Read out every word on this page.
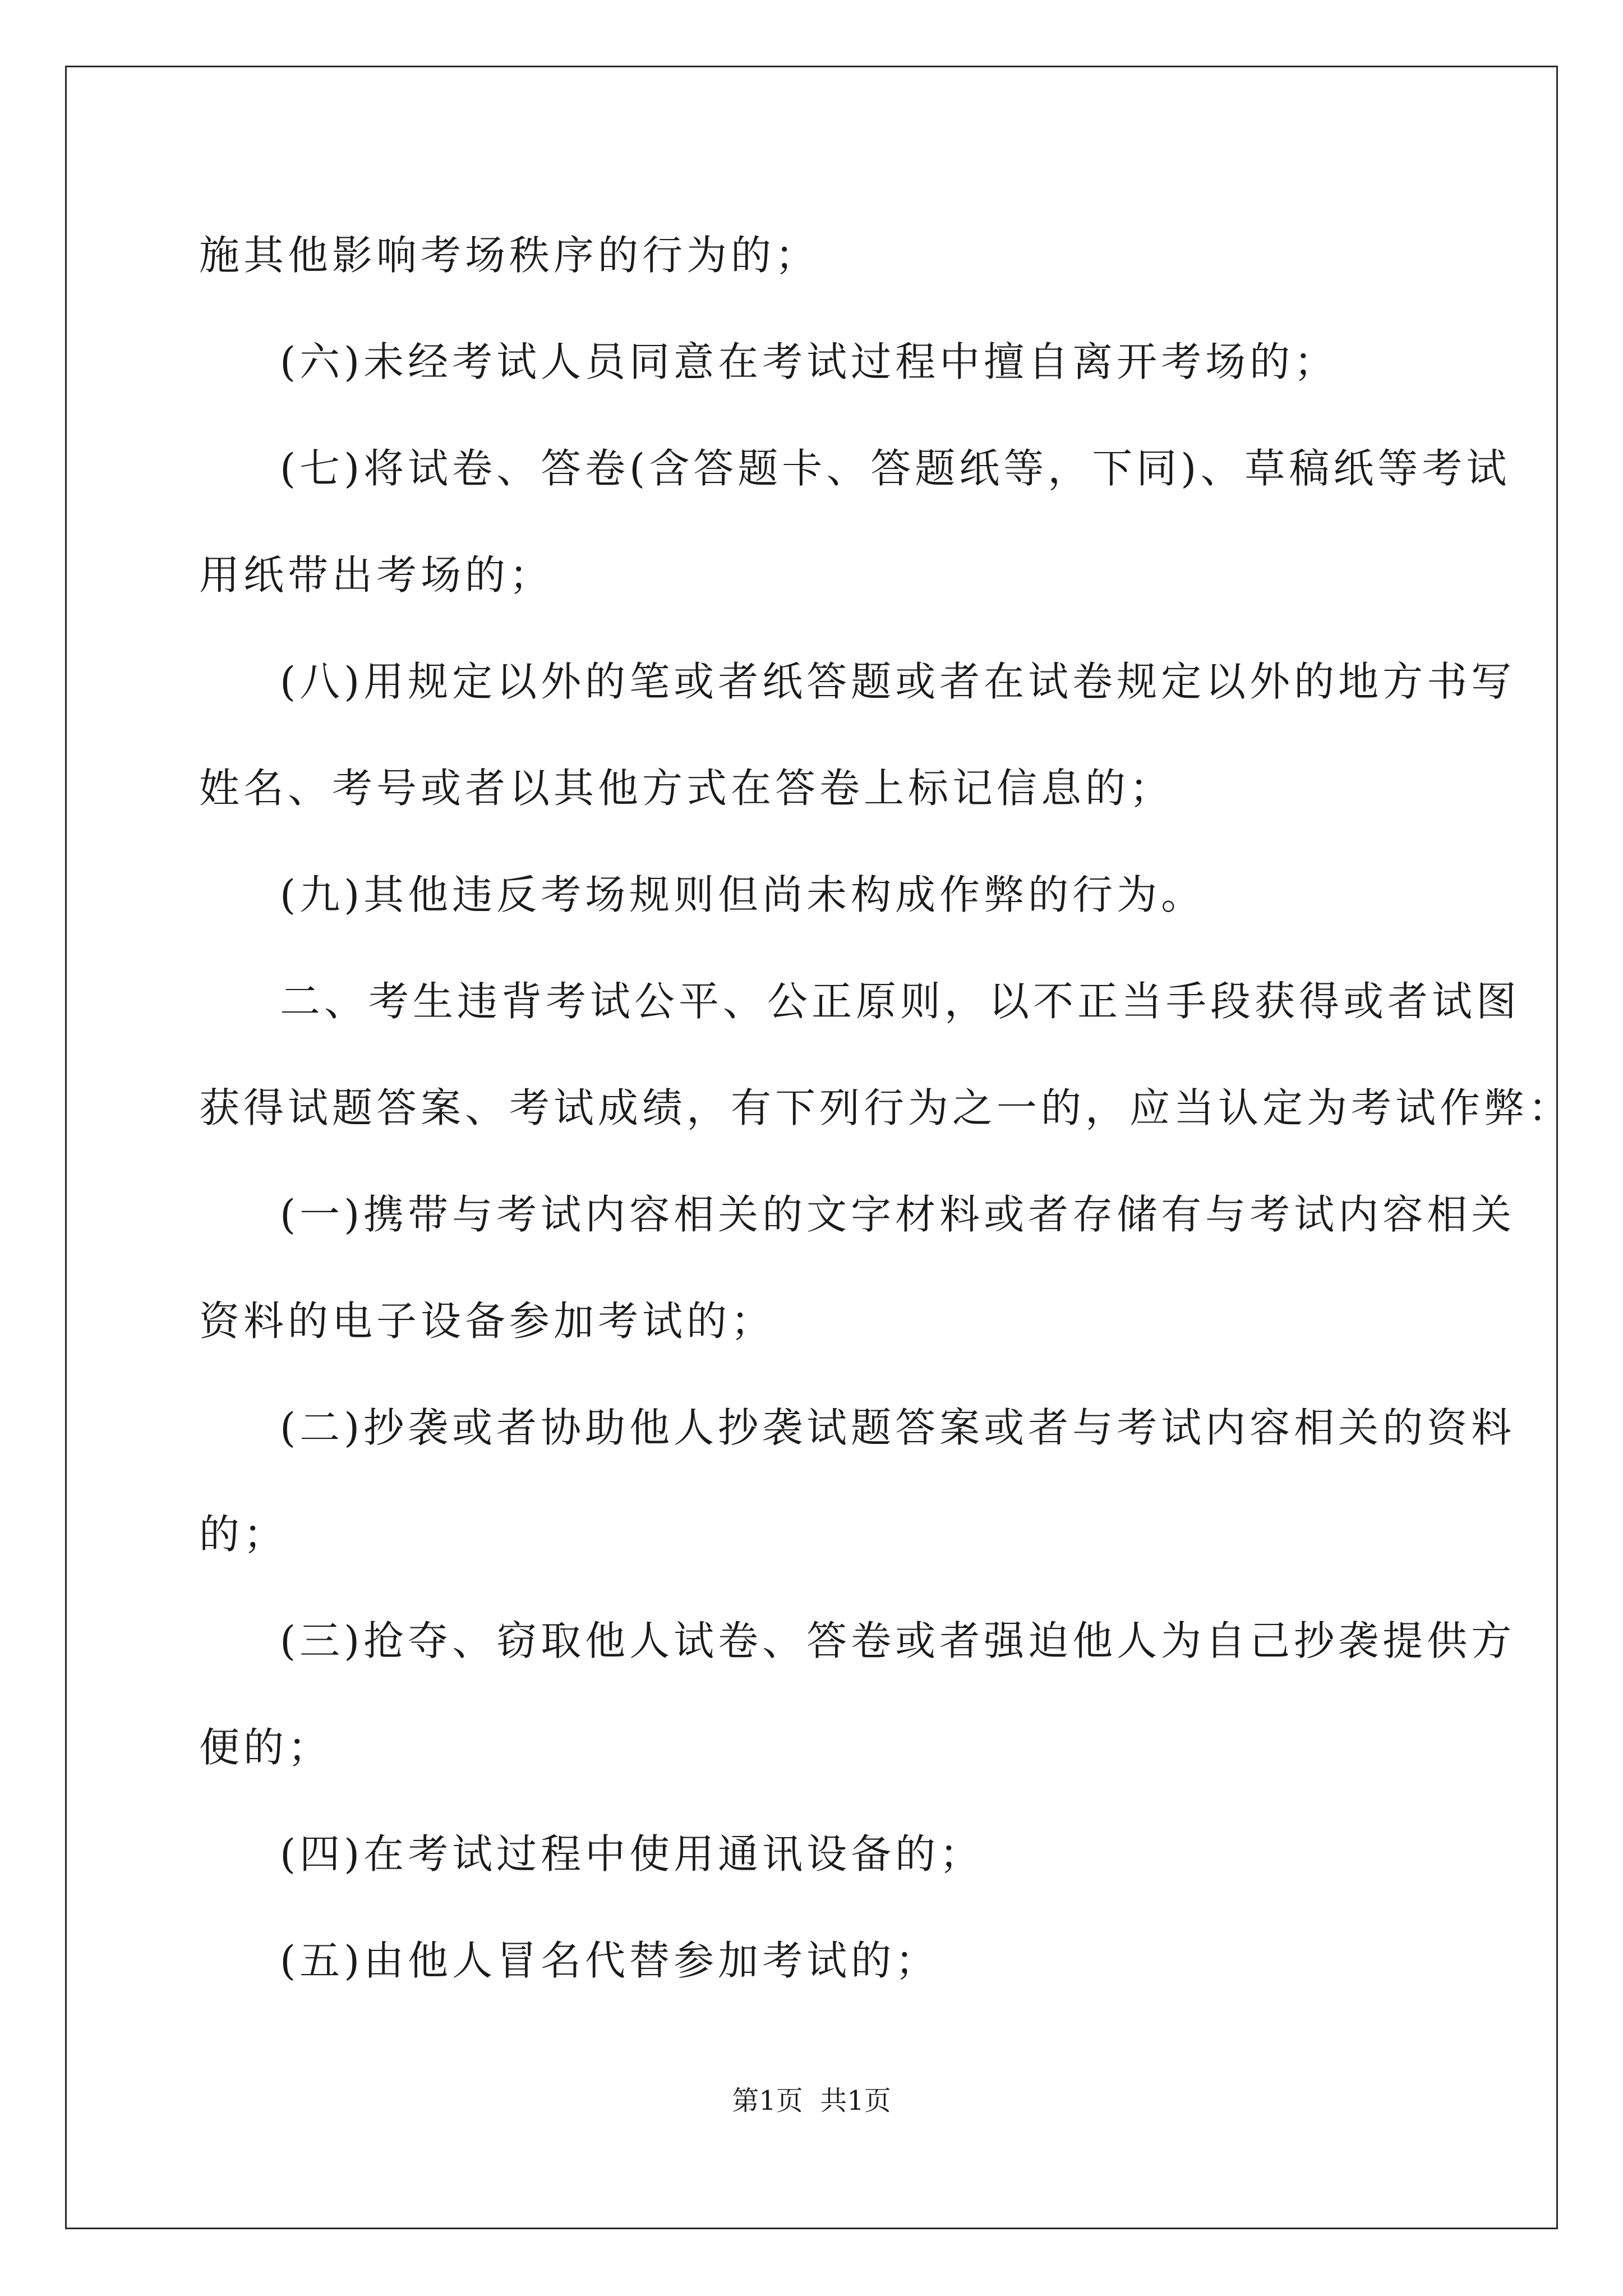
施其他影响考场秩序的行为的；
(六)未经考试人员同意在考试过程中擅自离开考场的；
(七)将试卷、答卷(含答题卡、答题纸等，下同)、草稿纸等考试
用纸带出考场的；
(八)用规定以外的笔或者纸答题或者在试卷规定以外的地方书写
姓名、考号或者以其他方式在答卷上标记信息的；
(九)其他违反考场规则但尚未构成作弊的行为。
二、考生违背考试公平、公正原则，以不正当手段获得或者试图
获得试题答案、考试成绩，有下列行为之一的，应当认定为考试作弊：
(一)携带与考试内容相关的文字材料或者存储有与考试内容相关
资料的电子设备参加考试的；
(二)抄袭或者协助他人抄袭试题答案或者与考试内容相关的资料
的；
(三)抢夺、窃取他人试卷、答卷或者强迫他人为自己抄袭提供方
便的；
(四)在考试过程中使用通讯设备的；
(五)由他人冒名代替参加考试的；
第1页  共1页
